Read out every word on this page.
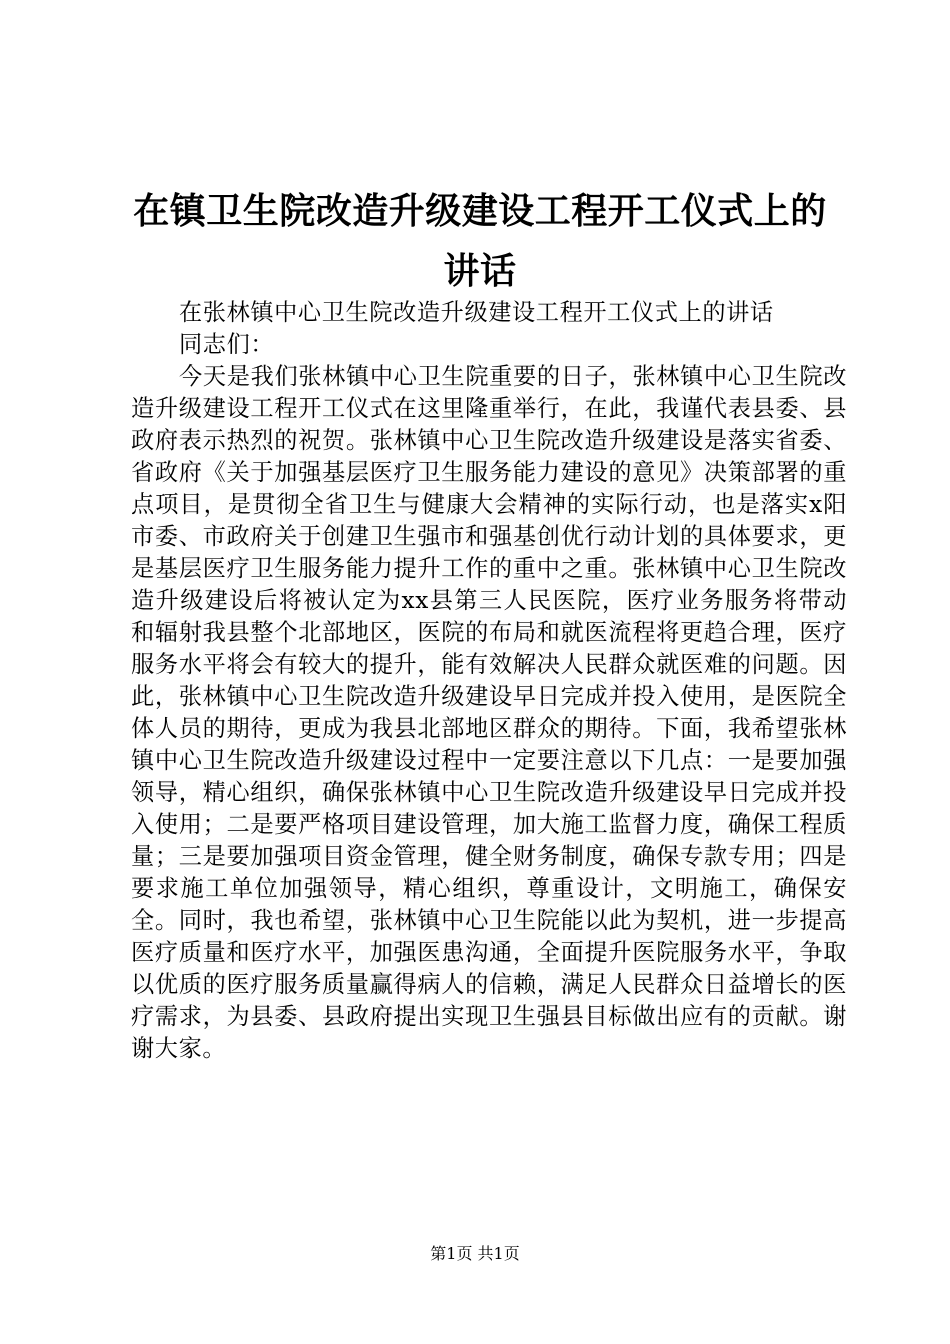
在镇卫生院改造升级建设工程开工仪式上的讲话

在张林镇中心卫生院改造升级建设工程开工仪式上的讲话

同志们：

今天是我们张林镇中心卫生院重要的日子，张林镇中心卫生院改造升级建设工程开工仪式在这里隆重举行，在此，我谨代表县委、县政府表示热烈的祝贺。张林镇中心卫生院改造升级建设是落实省委、省政府《关于加强基层医疗卫生服务能力建设的意见》决策部署的重点项目，是贯彻全省卫生与健康大会精神的实际行动，也是落实x阳市委、市政府关于创建卫生强市和强基创优行动计划的具体要求，更是基层医疗卫生服务能力提升工作的重中之重。张林镇中心卫生院改造升级建设后将被认定为xx县第三人民医院，医疗业务服务将带动和辐射我县整个北部地区，医院的布局和就医流程将更趋合理，医疗服务水平将会有较大的提升，能有效解决人民群众就医难的问题。因此，张林镇中心卫生院改造升级建设早日完成并投入使用，是医院全体人员的期待，更成为我县北部地区群众的期待。下面，我希望张林镇中心卫生院改造升级建设过程中一定要注意以下几点：一是要加强领导，精心组织，确保张林镇中心卫生院改造升级建设早日完成并投入使用；二是要严格项目建设管理，加大施工监督力度，确保工程质量；三是要加强项目资金管理，健全财务制度，确保专款专用；四是要求施工单位加强领导，精心组织，尊重设计，文明施工，确保安全。同时，我也希望，张林镇中心卫生院能以此为契机，进一步提高医疗质量和医疗水平，加强医患沟通，全面提升医院服务水平，争取以优质的医疗服务质量赢得病人的信赖，满足人民群众日益增长的医疗需求，为县委、县政府提出实现卫生强县目标做出应有的贡献。谢谢大家。

第1页 共1页
